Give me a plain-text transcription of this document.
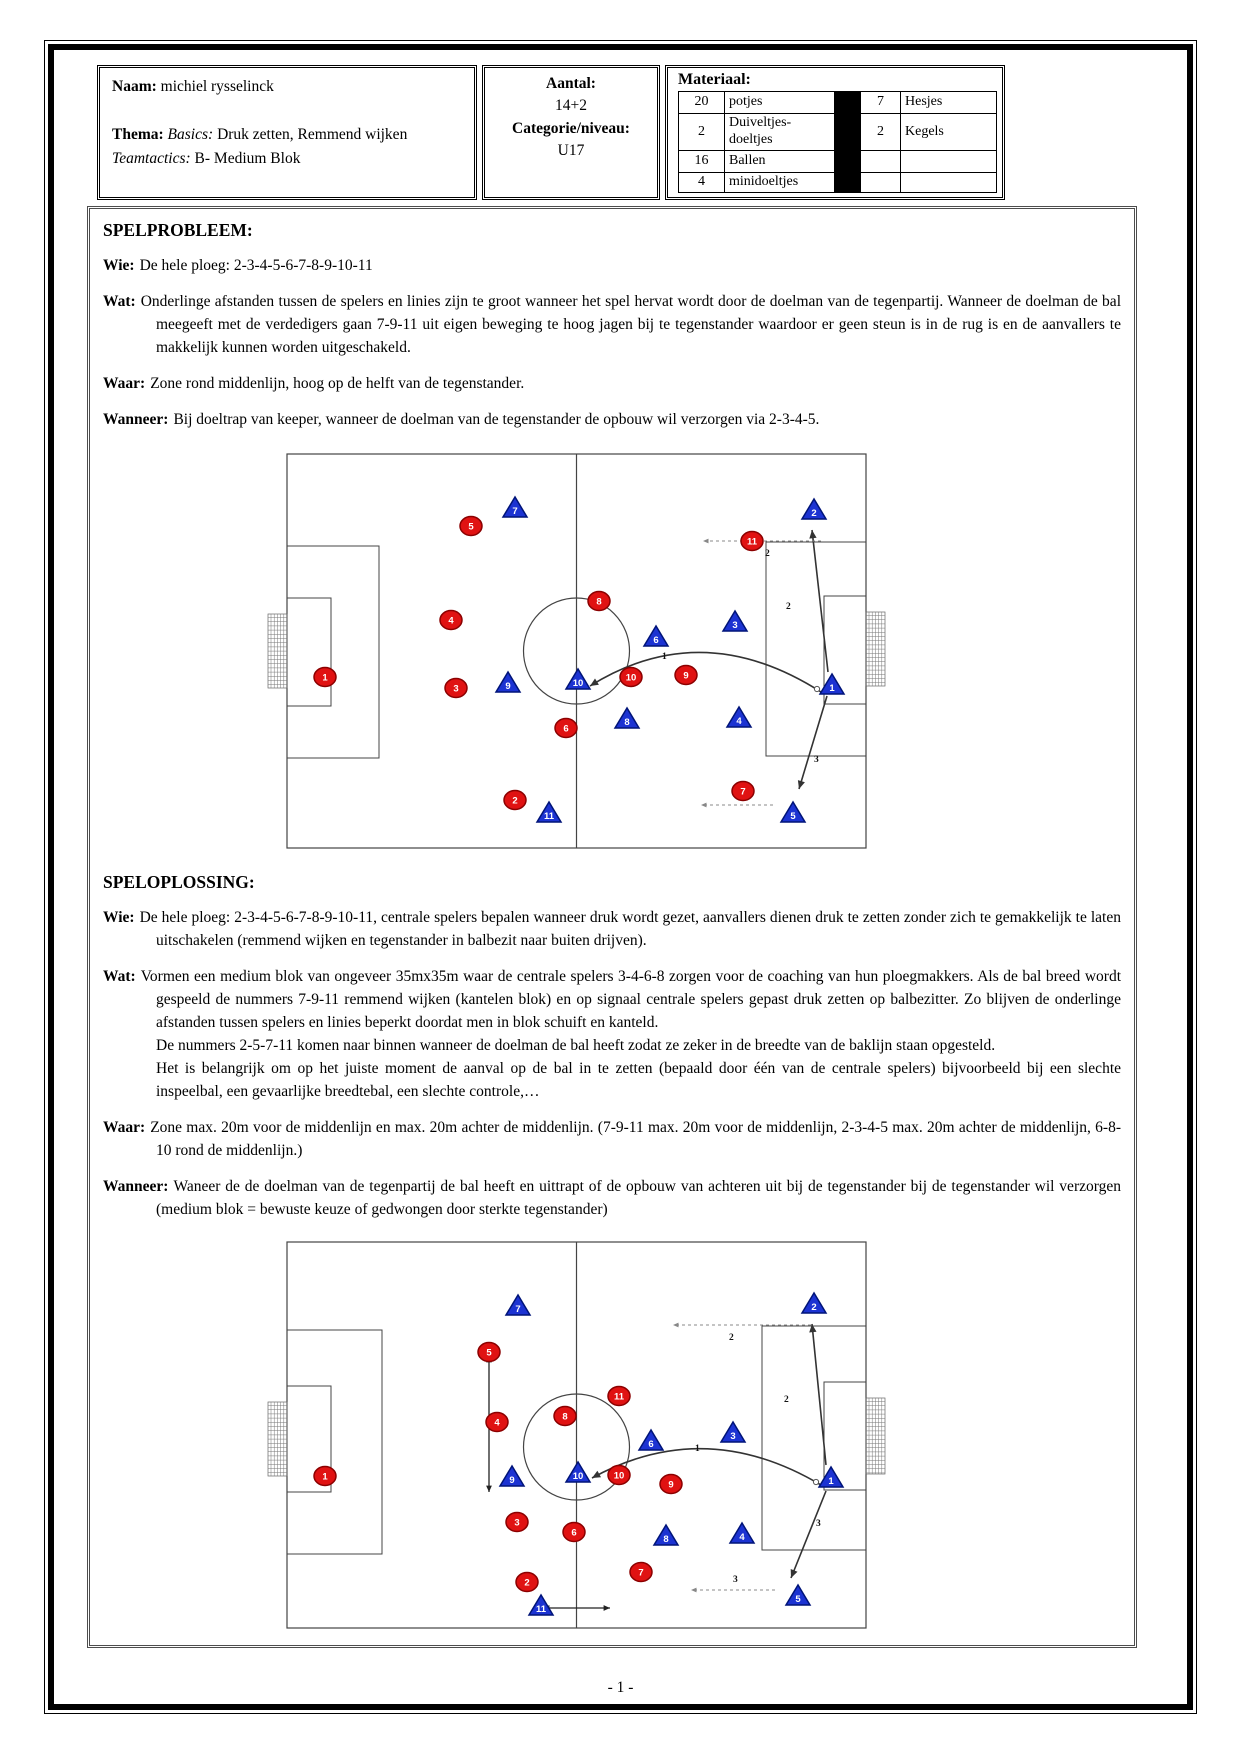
Naam: michiel rysselinck
Thema: Basics: Druk zetten, Remmend wijken
Teamtactics: B- Medium Blok
Aantal:
14+2
Categorie/niveau:
U17
Materiaal:
20	potjes		7	Hesjes
2	Duiveltjes-doeltjes		2	Kegels
16	Ballen			
4	minidoeltjes			
SPELPROBLEEM:
Wie: De hele ploeg: 2-3-4-5-6-7-8-9-10-11
Wat: Onderlinge afstanden tussen de spelers en linies zijn te groot wanneer het spel hervat wordt door de doelman van de tegenpartij. Wanneer de doelman de bal meegeeft met de verdedigers gaan 7-9-11 uit eigen beweging te hoog jagen bij te tegenstander waardoor er geen steun is in de rug is en de aanvallers te makkelijk kunnen worden uitgeschakeld.
Waar: Zone rond middenlijn, hoog op de helft van de tegenstander.
Wanneer: Bij doeltrap van keeper, wanneer de doelman van de tegenstander de opbouw wil verzorgen via 2-3-4-5.
1
2
3
2
1
5
4
3
8
6
10	9
11
2
7
7	2
9	10
6
3
8	4
11	5
1
SPELOPLOSSING:
Wie: De hele ploeg: 2-3-4-5-6-7-8-9-10-11, centrale spelers bepalen wanneer druk wordt gezet, aanvallers dienen druk te zetten zonder zich te gemakkelijk te laten uitschakelen (remmend wijken en tegenstander in balbezit naar buiten drijven).
Wat: Vormen een medium blok van ongeveer 35mx35m waar de centrale spelers 3-4-6-8 zorgen voor de coaching van hun ploegmakkers. Als de bal breed wordt gespeeld de nummers 7-9-11 remmend wijken (kantelen blok) en op signaal centrale spelers gepast druk zetten op balbezitter. Zo blijven de onderlinge afstanden tussen spelers en linies beperkt doordat men in blok schuift en kanteld.
De nummers 2-5-7-11 komen naar binnen wanneer de doelman de bal heeft zodat ze zeker in de breedte van de baklijn staan opgesteld.
Het is belangrijk om op het juiste moment de aanval op de bal in te zetten (bepaald door één van de centrale spelers) bijvoorbeeld bij een slechte inspeelbal, een gevaarlijke breedtebal, een slechte controle,…
Waar: Zone max. 20m voor de middenlijn en max. 20m achter de middenlijn. (7-9-11 max. 20m voor de middenlijn, 2-3-4-5 max. 20m achter de middenlijn, 6-8-10 rond de middenlijn.)
Wanneer: Waneer de de doelman van de tegenpartij de bal heeft en uittrapt of de opbouw van achteren uit bij de tegenstander bij de tegenstander wil verzorgen (medium blok = bewuste keuze of gedwongen door sterkte tegenstander)
1
2
3
2
3
1
5
11
8
4
10
9
3
6
7
2
7	2
9	10
6
3
8	4
11
5
1
- 1 -
